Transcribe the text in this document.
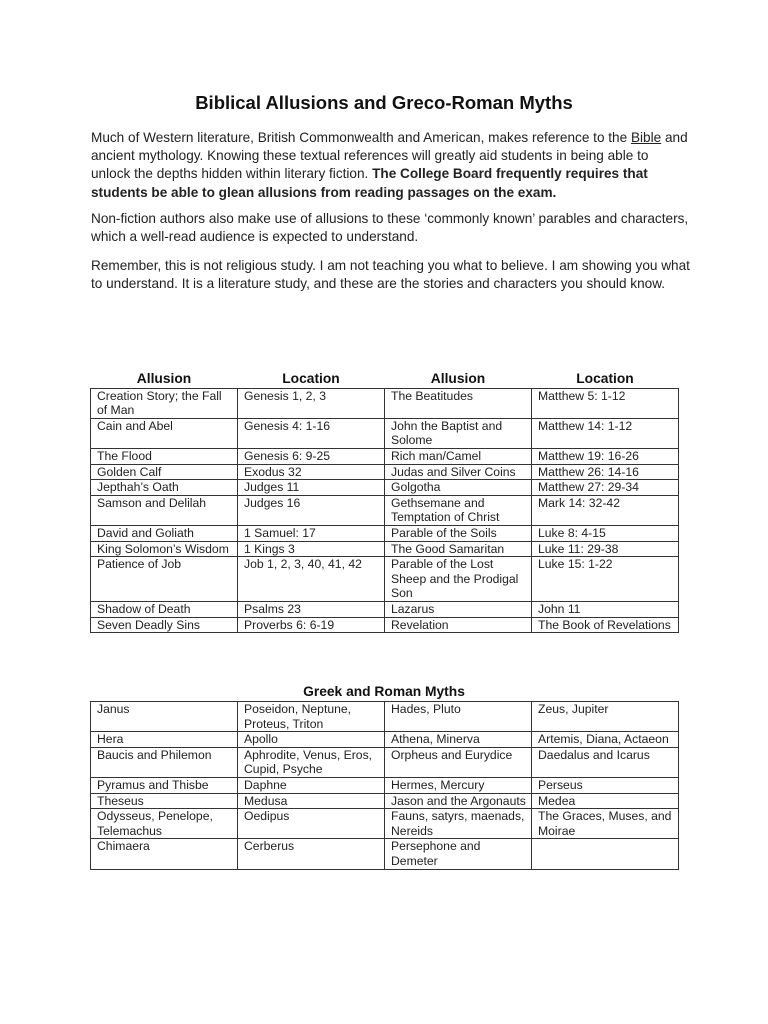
Biblical Allusions and Greco-Roman Myths
Much of Western literature, British Commonwealth and American, makes reference to the Bible and ancient mythology. Knowing these textual references will greatly aid students in being able to unlock the depths hidden within literary fiction. The College Board frequently requires that students be able to glean allusions from reading passages on the exam.
Non-fiction authors also make use of allusions to these ‘commonly known’ parables and characters, which a well-read audience is expected to understand.
Remember, this is not religious study. I am not teaching you what to believe. I am showing you what to understand. It is a literature study, and these are the stories and characters you should know.
Allusion	Location	Allusion	Location
Creation Story; the Fall of Man	Genesis 1, 2, 3	The Beatitudes	Matthew 5: 1-12
Cain and Abel	Genesis 4: 1-16	John the Baptist and Solome	Matthew 14: 1-12
The Flood	Genesis 6: 9-25	Rich man/Camel	Matthew 19: 16-26
Golden Calf	Exodus 32	Judas and Silver Coins	Matthew 26: 14-16
Jepthah’s Oath	Judges 11	Golgotha	Matthew 27: 29-34
Samson and Delilah	Judges 16	Gethsemane and Temptation of Christ	Mark 14: 32-42
David and Goliath	1 Samuel: 17	Parable of the Soils	Luke 8: 4-15
King Solomon’s Wisdom	1 Kings 3	The Good Samaritan	Luke 11: 29-38
Patience of Job	Job 1, 2, 3, 40, 41, 42	Parable of the Lost Sheep and the Prodigal Son	Luke 15: 1-22
Shadow of Death	Psalms 23	Lazarus	John 11
Seven Deadly Sins	Proverbs 6: 6-19	Revelation	The Book of Revelations
Greek and Roman Myths
Janus	Poseidon, Neptune, Proteus, Triton	Hades, Pluto	Zeus, Jupiter
Hera	Apollo	Athena, Minerva	Artemis, Diana, Actaeon
Baucis and Philemon	Aphrodite, Venus, Eros, Cupid, Psyche	Orpheus and Eurydice	Daedalus and Icarus
Pyramus and Thisbe	Daphne	Hermes, Mercury	Perseus
Theseus	Medusa	Jason and the Argonauts	Medea
Odysseus, Penelope, Telemachus	Oedipus	Fauns, satyrs, maenads, Nereids	The Graces, Muses, and Moirae
Chimaera	Cerberus	Persephone and Demeter	
